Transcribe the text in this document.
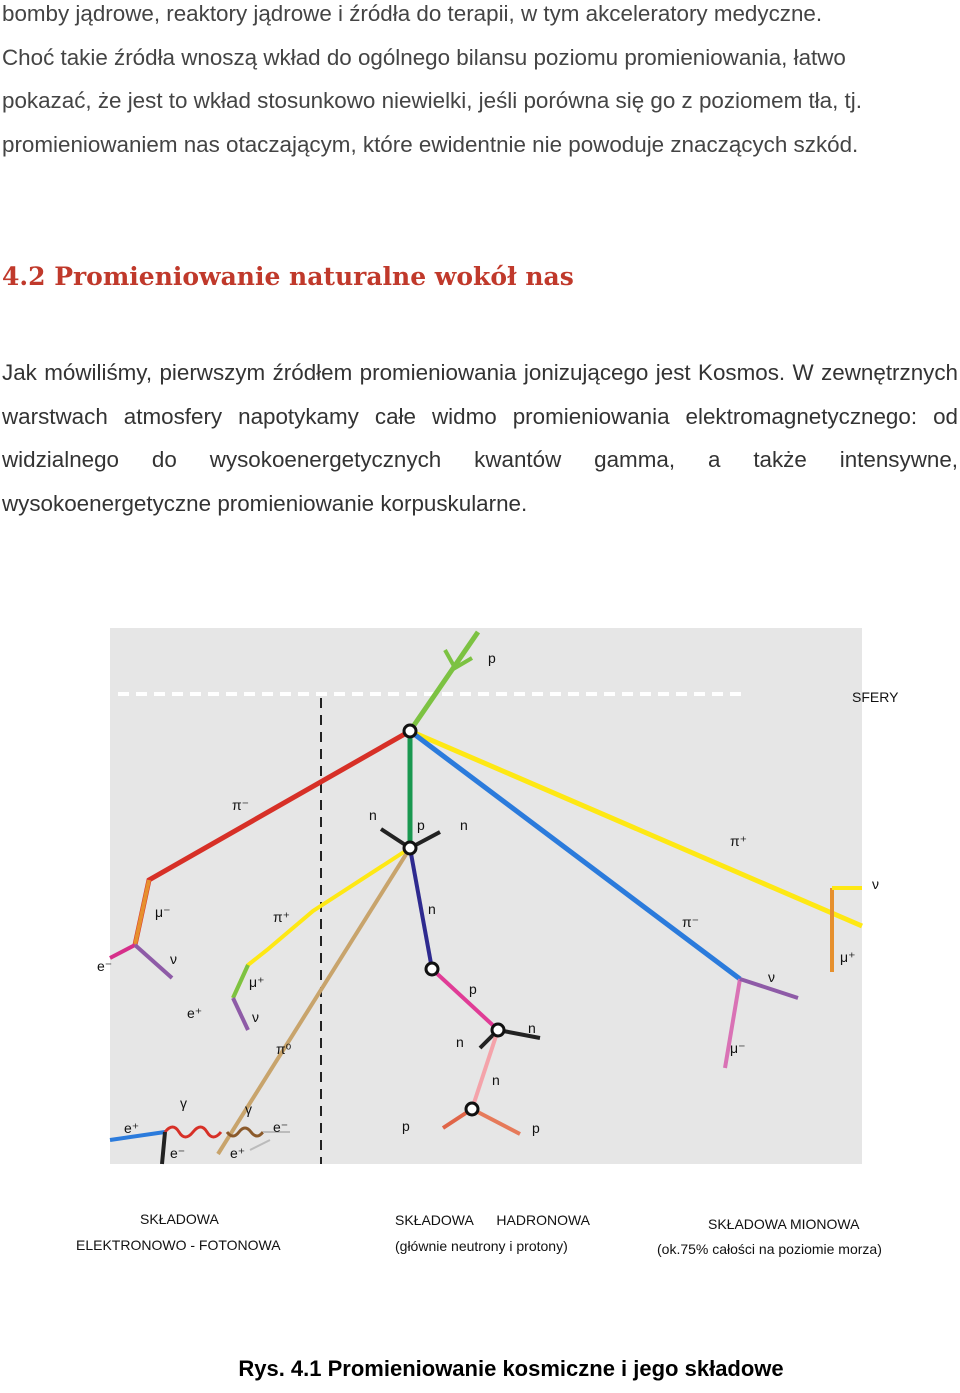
bomby jądrowe, reaktory jądrowe i źródła do terapii, w tym akceleratory medyczne.
Choć takie źródła wnoszą wkład do ogólnego bilansu poziomu promieniowania, łatwo
pokazać, że jest to wkład stosunkowo niewielki, jeśli porówna się go z poziomem tła, tj.
promieniowaniem nas otaczającym, które ewidentnie nie powoduje znaczących szkód.
4.2 Promieniowanie naturalne wokół nas

Jak mówiliśmy, pierwszym źródłem promieniowania jonizującego jest Kosmos. W zewnętrznych warstwach atmosfery napotykamy całe widmo promieniowania elektromagnetycznego: od widzialnego do wysokoenergetycznych kwantów gamma, a także intensywne, wysokoenergetyczne promieniowanie korpuskularne.

p
SFERY
π⁻
n
p	n
π⁺
ν
μ⁻	π⁺	n
π⁻
e⁻	ν
μ⁺	ν
μ⁺
e⁺	ν
p
n
n
μ⁻
π⁰
n
γ	γ
e⁺
e⁻
e⁻
e⁺
p	p

SKŁADOWA

ELEKTRONOWO - FOTONOWA

SKŁADOWA      HADRONOWA

(głównie neutrony i protony)

SKŁADOWA MIONOWA

(ok.75% całości na poziomie morza)

Rys. 4.1 Promieniowanie kosmiczne i jego składowe
